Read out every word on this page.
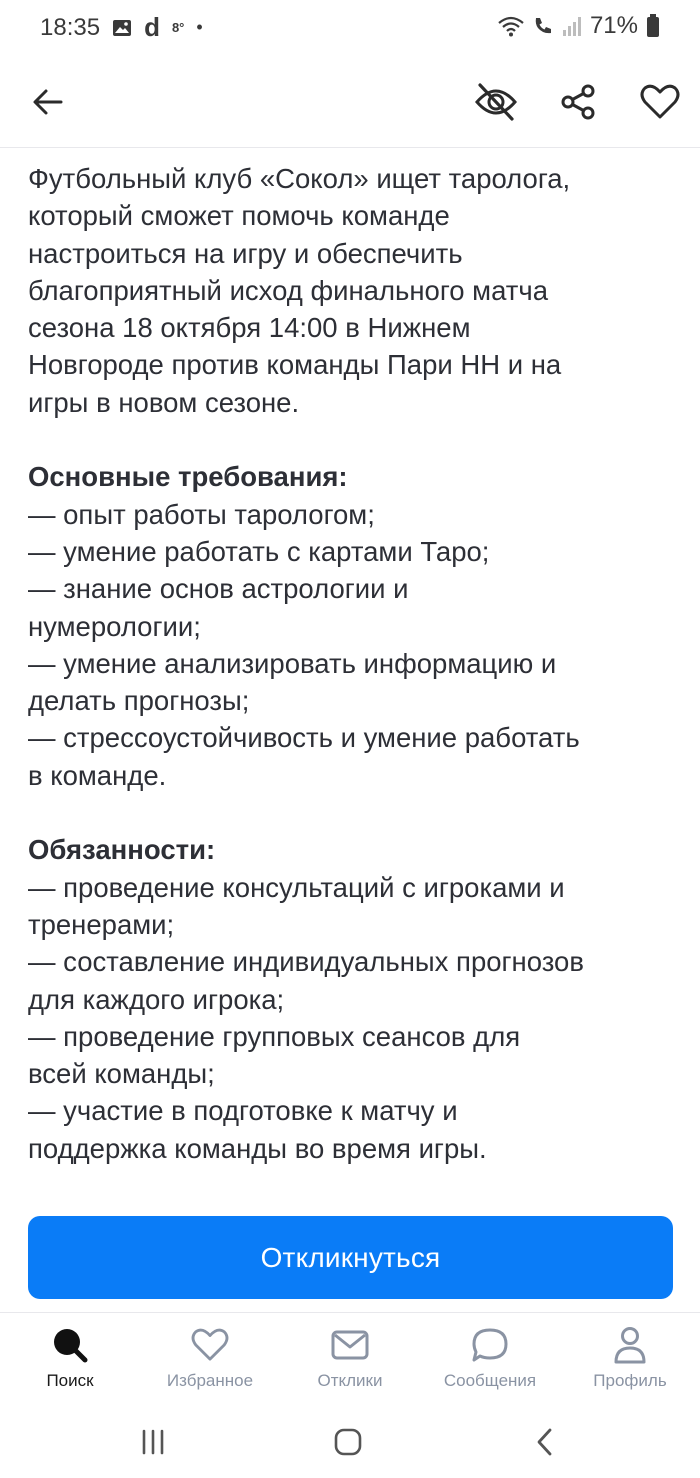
18:35 d 8° •	71%
Футбольный клуб «Сокол» ищет таролога,
который сможет помочь команде
настроиться на игру и обеспечить
благоприятный исход финального матча
сезона 18 октября 14:00 в Нижнем
Новгороде против команды Пари НН и на
игры в новом сезоне.
Основные требования:
— опыт работы тарологом;
— умение работать с картами Таро;
— знание основ астрологии и
нумерологии;
— умение анализировать информацию и
делать прогнозы;
— стрессоустойчивость и умение работать
в команде.
Обязанности:
— проведение консультаций с игроками и
тренерами;
— составление индивидуальных прогнозов
для каждого игрока;
— проведение групповых сеансов для
всей команды;
— участие в подготовке к матчу и
поддержка команды во время игры.
Откликнуться
Поиск	Избранное	Отклики	Сообщения	Профиль
